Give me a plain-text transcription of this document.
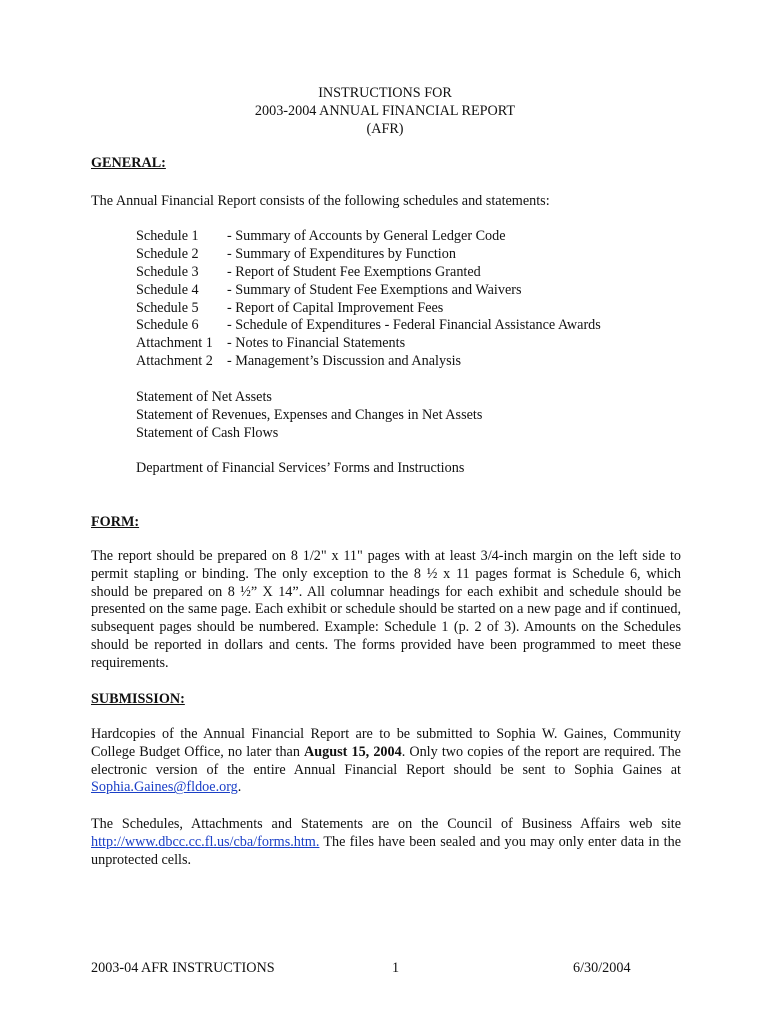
INSTRUCTIONS FOR
2003-2004 ANNUAL FINANCIAL REPORT
(AFR)
GENERAL:
The Annual Financial Report consists of the following schedules and statements:
Schedule 1	- Summary of Accounts by General Ledger Code
Schedule 2	- Summary of Expenditures by Function
Schedule 3	- Report of Student Fee Exemptions Granted
Schedule 4	- Summary of Student Fee Exemptions and Waivers
Schedule 5	- Report of Capital Improvement Fees
Schedule 6	- Schedule of Expenditures - Federal Financial Assistance Awards
Attachment 1 - Notes to Financial Statements
Attachment 2 - Management’s Discussion and Analysis
Statement of Net Assets
Statement of Revenues, Expenses and Changes in Net Assets
Statement of Cash Flows
Department of Financial Services’ Forms and Instructions
FORM:
The report should be prepared on 8 1/2" x 11" pages with at least 3/4-inch margin on the left side to permit stapling or binding. The only exception to the 8 ½ x 11 pages format is Schedule 6, which should be prepared on 8 ½” X 14”. All columnar headings for each exhibit and schedule should be presented on the same page. Each exhibit or schedule should be started on a new page and if continued, subsequent pages should be numbered. Example: Schedule 1 (p. 2 of 3). Amounts on the Schedules should be reported in dollars and cents. The forms provided have been programmed to meet these requirements.
SUBMISSION:
Hardcopies of the Annual Financial Report are to be submitted to Sophia W. Gaines, Community College Budget Office, no later than August 15, 2004. Only two copies of the report are required. The electronic version of the entire Annual Financial Report should be sent to Sophia Gaines at Sophia.Gaines@fldoe.org.
The Schedules, Attachments and Statements are on the Council of Business Affairs web site http://www.dbcc.cc.fl.us/cba/forms.htm. The files have been sealed and you may only enter data in the unprotected cells.
2003-04 AFR INSTRUCTIONS	1	6/30/2004
